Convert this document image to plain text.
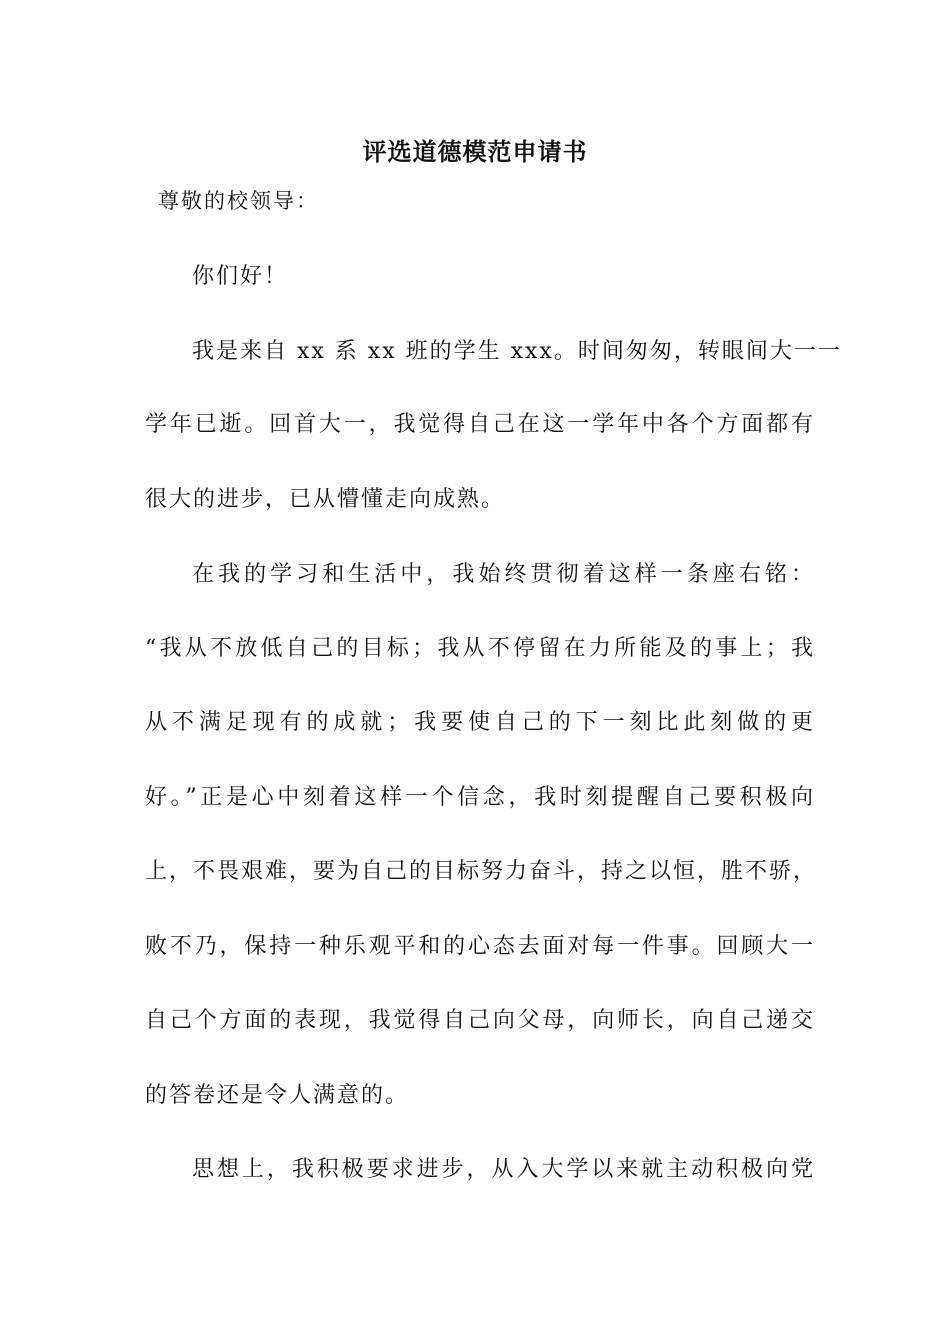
评选道德模范申请书
尊敬的校领导：
你们好！
我是来自 xx 系 xx 班的学生 xxx。时间匆匆，转眼间大一一
学年已逝。回首大一，我觉得自己在这一学年中各个方面都有
很大的进步，已从懵懂走向成熟。
在我的学习和生活中，我始终贯彻着这样一条座右铭：
“我从不放低自己的目标；我从不停留在力所能及的事上；我
从不满足现有的成就；我要使自己的下一刻比此刻做的更
好。”正是心中刻着这样一个信念，我时刻提醒自己要积极向
上，不畏艰难，要为自己的目标努力奋斗，持之以恒，胜不骄，
败不乃，保持一种乐观平和的心态去面对每一件事。回顾大一
自己个方面的表现，我觉得自己向父母，向师长，向自己递交
的答卷还是令人满意的。
思想上，我积极要求进步，从入大学以来就主动积极向党
